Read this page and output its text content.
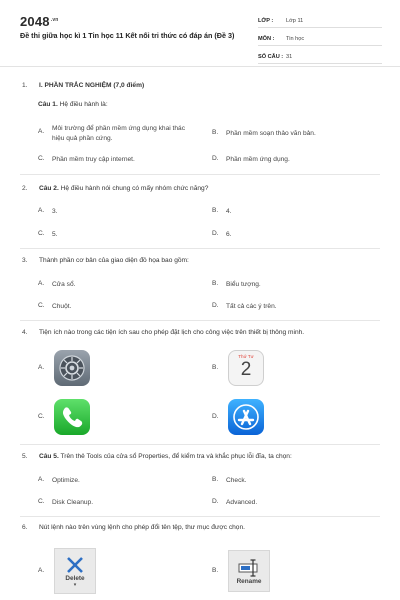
$2048^{.vn}$
Đề thi giữa học kì 1 Tin học 11 Kết nối tri thức có đáp án (Đề 3)
LỚP :	Lớp 11
MÔN :	Tin học
SỐ CÂU : 31
1.	I. PHẦN TRẮC NGHIỆM (7,0 điểm)
Câu 1. Hệ điều hành là:
A.	Môi trường để phần mềm ứng dụng khai thác hiệu quả phần cứng.
B.	Phần mềm soạn thảo văn bản.
C.	Phần mềm truy cập internet.	D.	Phần mềm ứng dụng.
2.	Câu 2. Hệ điều hành nói chung có mấy nhóm chức năng?
A.	3.	B.	4.
C.	5.	D.	6.
3.	Thành phần cơ bản của giao diện đồ họa bao gồm:
A.	Cửa sổ.	B.	Biểu tượng.
C.	Chuột.	D.	Tất cả các ý trên.
4.	Tiện ích nào trong các tiện ích sau cho phép đặt lịch cho công việc trên thiết bị thông minh.
A.	B.
Thứ Tư
2
C.	D.
5.	Câu 5. Trên thẻ Tools của cửa sổ Properties, để kiểm tra và khắc phục lỗi đĩa, ta chọn:
A.	Optimize.	B.	Check.
C.	Disk Cleanup.	D.	Advanced.
6.	Nút lệnh nào trên vùng lệnh cho phép đổi tên tệp, thư mục được chọn.
A.
Delete
▾
B.
Rename
